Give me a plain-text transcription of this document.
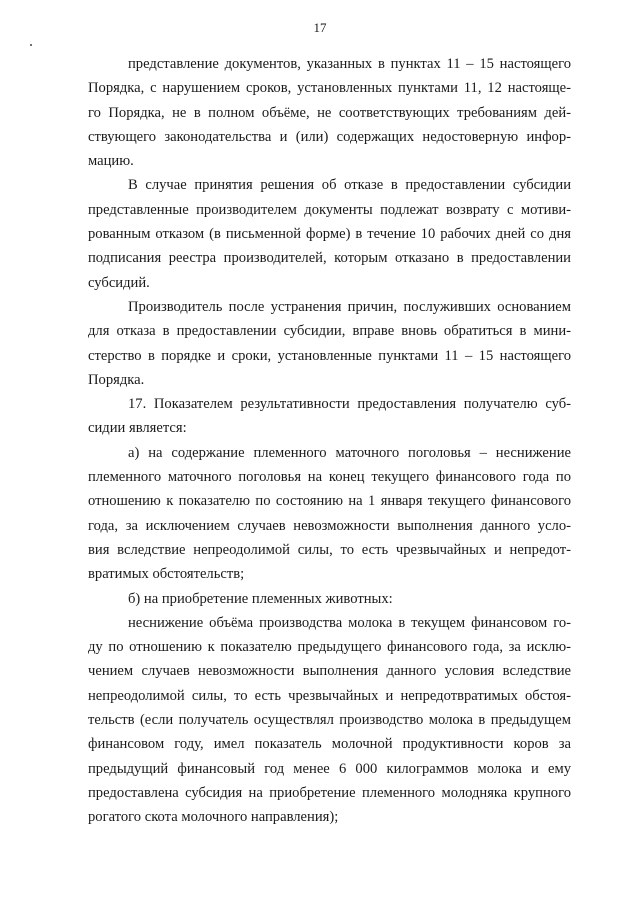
17
представление документов, указанных в пунктах 11 – 15 настоящего
Порядка, с нарушением сроков, установленных пунктами 11, 12 настояще-
го Порядка, не в полном объёме, не соответствующих требованиям дей-
ствующего законодательства и (или) содержащих недостоверную инфор-
мацию.
В случае принятия решения об отказе в предоставлении субсидии
представленные производителем документы подлежат возврату с мотиви-
рованным отказом (в письменной форме) в течение 10 рабочих дней со дня
подписания реестра производителей, которым отказано в предоставлении
субсидий.
Производитель после устранения причин, послуживших основанием
для отказа в предоставлении субсидии, вправе вновь обратиться в мини-
стерство в порядке и сроки, установленные пунктами 11 – 15 настоящего
Порядка.
17. Показателем результативности предоставления получателю суб-
сидии является:
а) на содержание племенного маточного поголовья – неснижение
племенного маточного поголовья на конец текущего финансового года по
отношению к показателю по состоянию на 1 января текущего финансового
года, за исключением случаев невозможности выполнения данного усло-
вия вследствие непреодолимой силы, то есть чрезвычайных и непредот-
вратимых обстоятельств;
б) на приобретение племенных животных:
неснижение объёма производства молока в текущем финансовом го-
ду по отношению к показателю предыдущего финансового года, за исклю-
чением случаев невозможности выполнения данного условия вследствие
непреодолимой силы, то есть чрезвычайных и непредотвратимых обстоя-
тельств (если получатель осуществлял производство молока в предыдущем
финансовом году, имел показатель молочной продуктивности коров за
предыдущий финансовый год менее 6 000 килограммов молока и ему
предоставлена субсидия на приобретение племенного молодняка крупного
рогатого скота молочного направления);
